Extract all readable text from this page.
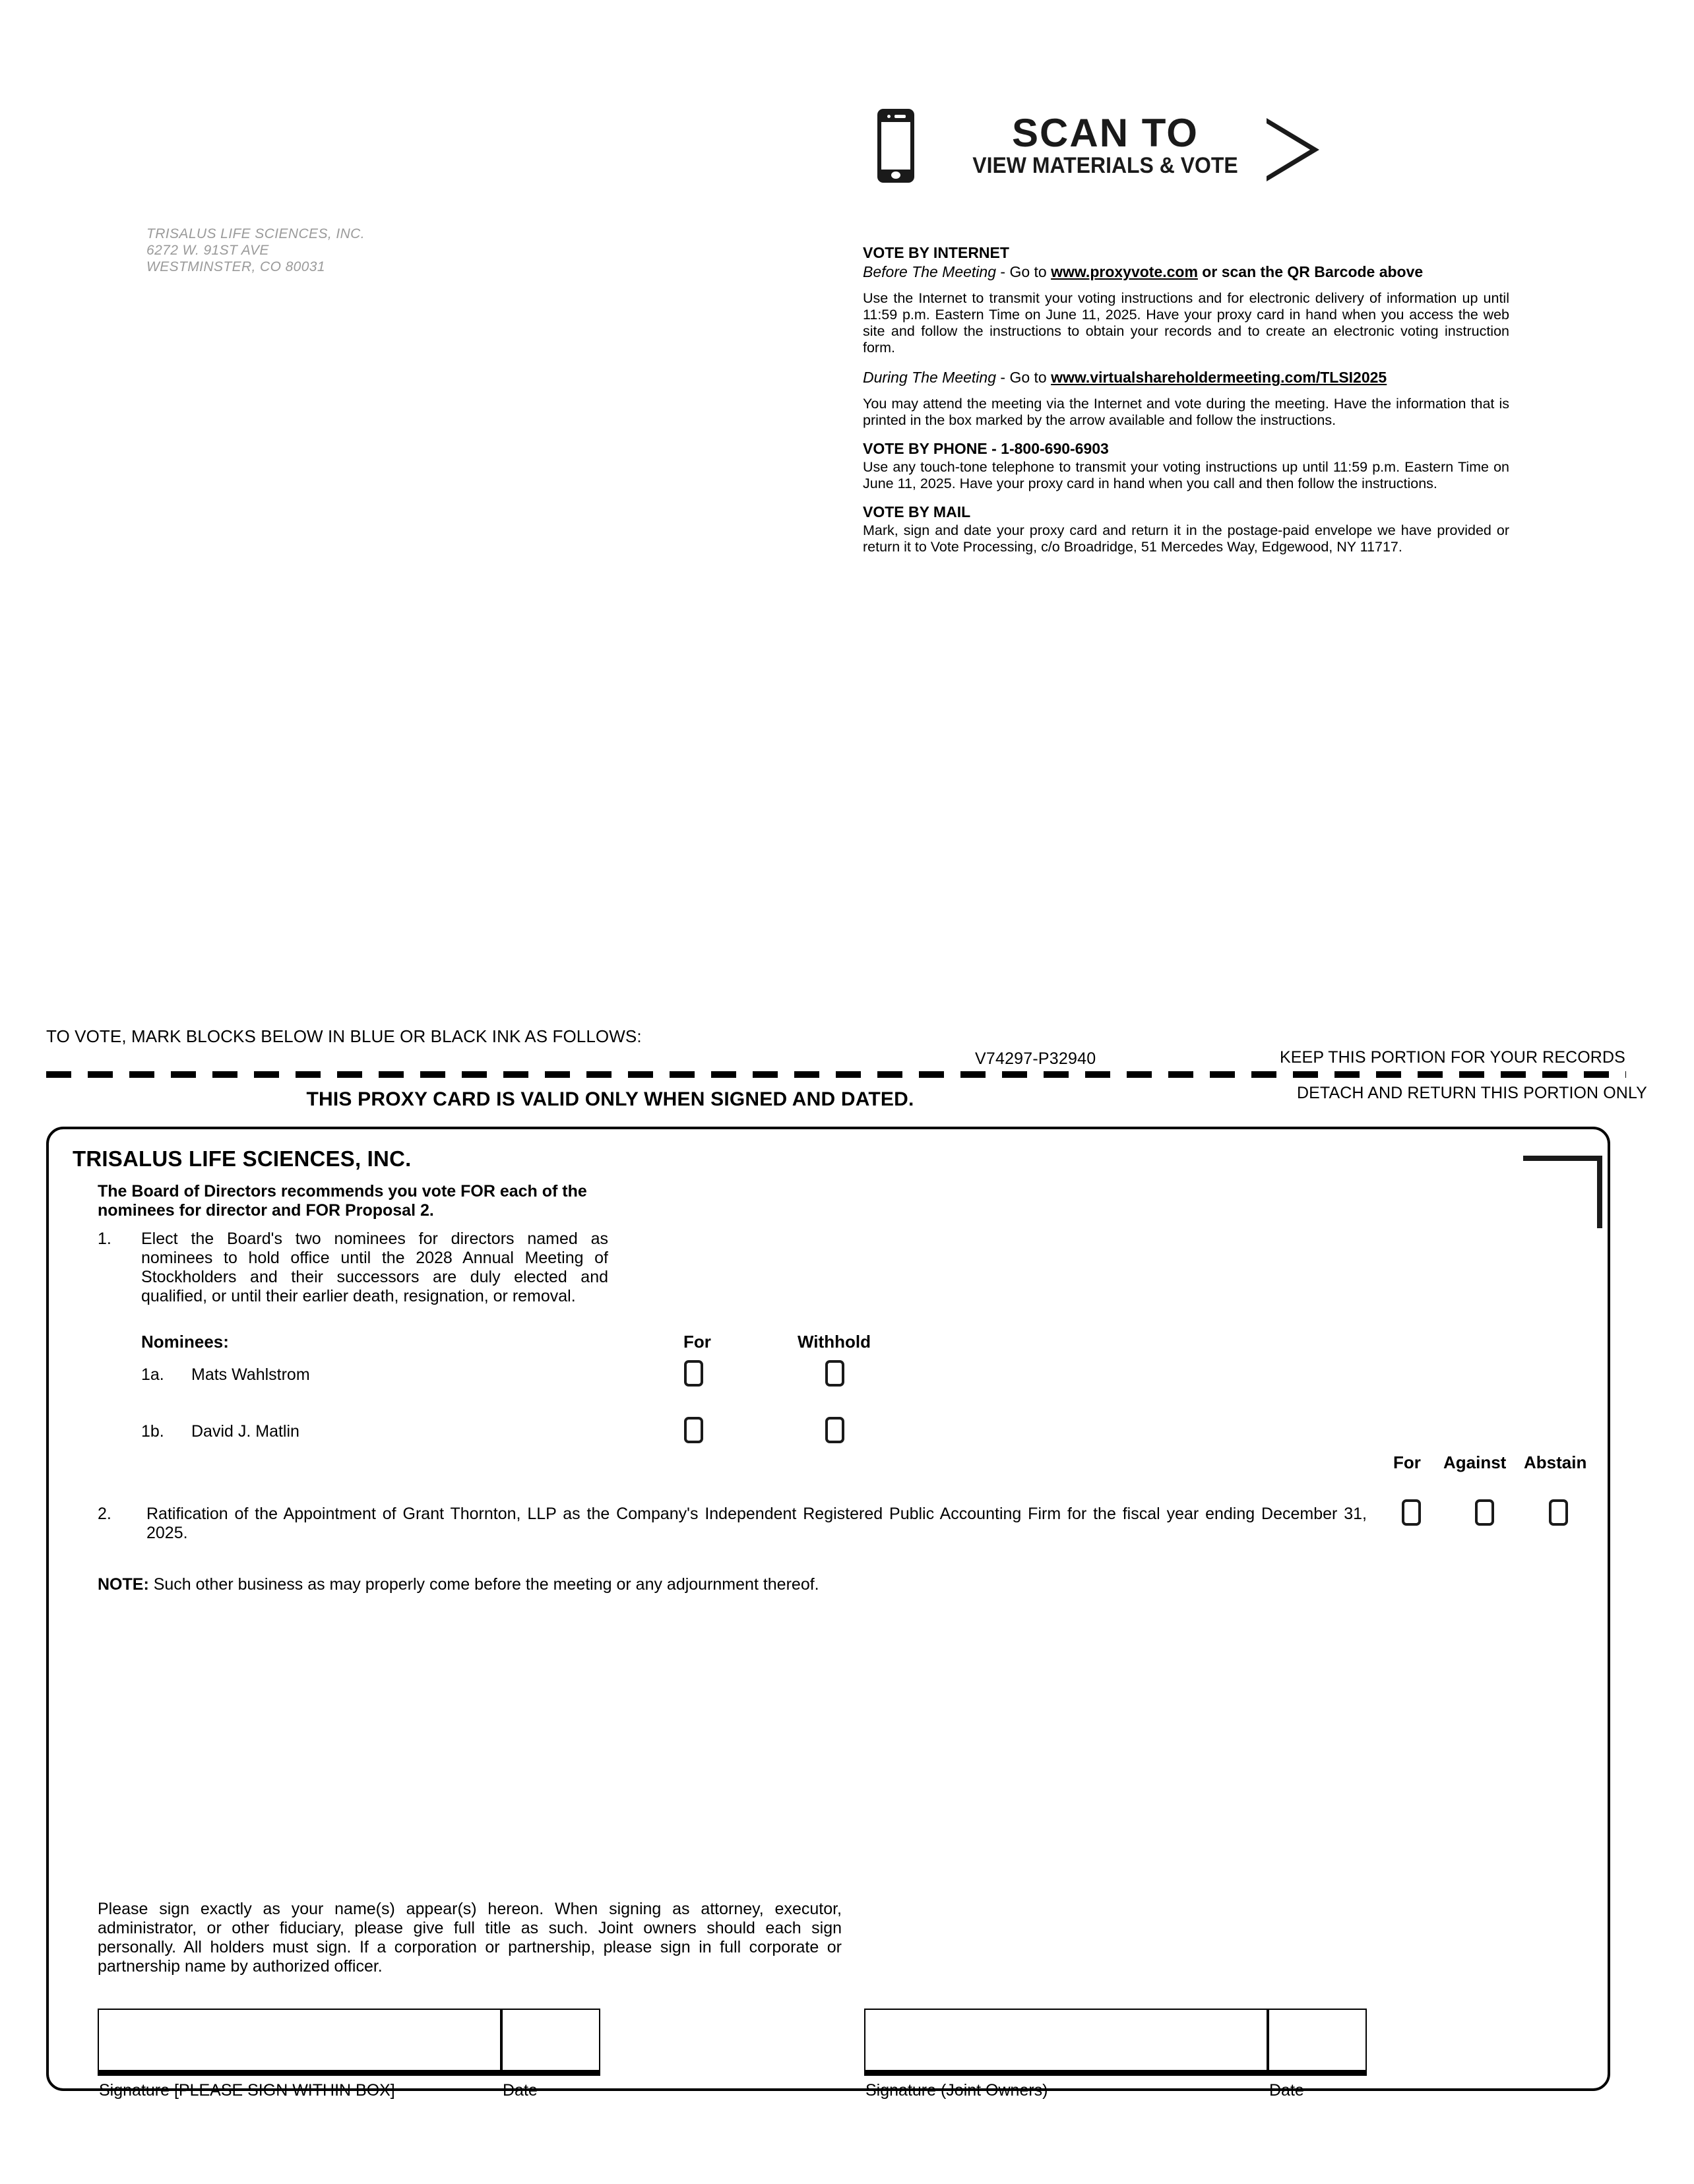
TRISALUS LIFE SCIENCES, INC.
6272 W. 91ST AVE
WESTMINSTER, CO 80031
SCAN TO
VIEW MATERIALS & VOTE
VOTE BY INTERNET
Before The Meeting - Go to www.proxyvote.com or scan the QR Barcode above
Use the Internet to transmit your voting instructions and for electronic delivery of information up until 11:59 p.m. Eastern Time on June 11, 2025. Have your proxy card in hand when you access the web site and follow the instructions to obtain your records and to create an electronic voting instruction form.
During The Meeting - Go to www.virtualshareholdermeeting.com/TLSI2025
You may attend the meeting via the Internet and vote during the meeting. Have the information that is printed in the box marked by the arrow available and follow the instructions.
VOTE BY PHONE - 1-800-690-6903
Use any touch-tone telephone to transmit your voting instructions up until 11:59 p.m. Eastern Time on June 11, 2025. Have your proxy card in hand when you call and then follow the instructions.
VOTE BY MAIL
Mark, sign and date your proxy card and return it in the postage-paid envelope we have provided or return it to Vote Processing, c/o Broadridge, 51 Mercedes Way, Edgewood, NY 11717.
TO VOTE, MARK BLOCKS BELOW IN BLUE OR BLACK INK AS FOLLOWS:
V74297-P32940	KEEP THIS PORTION FOR YOUR RECORDS
DETACH AND RETURN THIS PORTION ONLY
THIS PROXY CARD IS VALID ONLY WHEN SIGNED AND DATED.
TRISALUS LIFE SCIENCES, INC.
The Board of Directors recommends you vote FOR each of the nominees for director and FOR Proposal 2.
1. Elect the Board's two nominees for directors named as nominees to hold office until the 2028 Annual Meeting of Stockholders and their successors are duly elected and qualified, or until their earlier death, resignation, or removal.
Nominees:	For	Withhold
1a. Mats Wahlstrom
1b. David J. Matlin
For Against Abstain
2. Ratification of the Appointment of Grant Thornton, LLP as the Company's Independent Registered Public Accounting Firm for the fiscal year ending December 31, 2025.
NOTE: Such other business as may properly come before the meeting or any adjournment thereof.
Please sign exactly as your name(s) appear(s) hereon. When signing as attorney, executor, administrator, or other fiduciary, please give full title as such. Joint owners should each sign personally. All holders must sign. If a corporation or partnership, please sign in full corporate or partnership name by authorized officer.
Signature [PLEASE SIGN WITHIN BOX]	Date	Signature (Joint Owners)	Date
